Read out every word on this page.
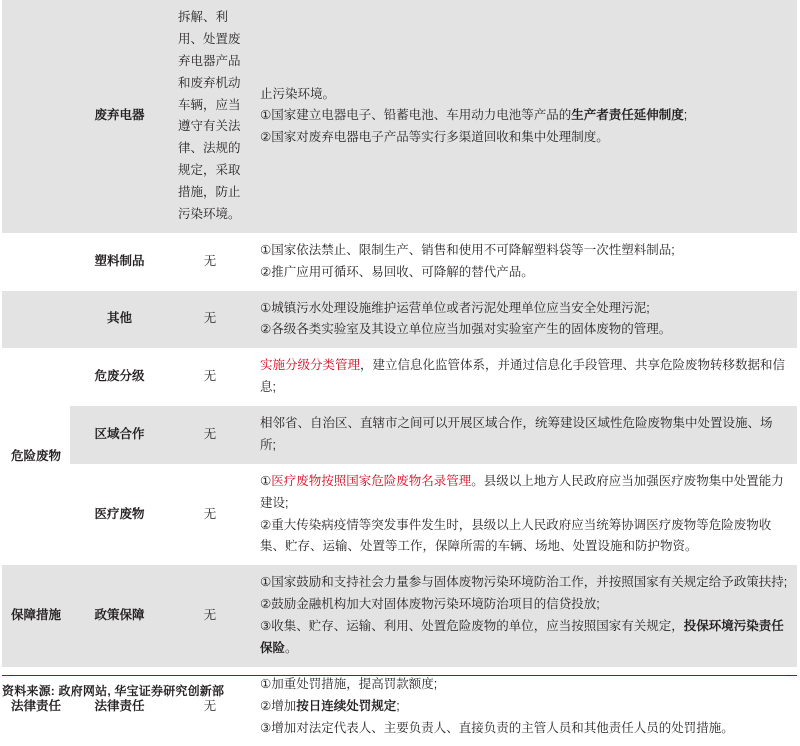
	废弃电器	拆解、利用、处置废弃电器产品和废弃机动车辆，应当遵守有关法律、法规的规定，采取措施，防止污染环境。	止污染环境。

①国家建立电器电子、铅蓄电池、车用动力电池等产品的生产者责任延伸制度;

②国家对废弃电器电子产品等实行多渠道回收和集中处理制度。

	塑料制品	无	①国家依法禁止、限制生产、销售和使用不可降解塑料袋等一次性塑料制品;

②推广应用可循环、易回收、可降解的替代产品。

	其他	无	①城镇污水处理设施维护运营单位或者污泥处理单位应当安全处理污泥;

②各级各类实验室及其设立单位应当加强对实验室产生的固体废物的管理。

危险废物	危废分级	无	实施分级分类管理，建立信息化监管体系，并通过信息化手段管理、共享危险废物转移数据和信息;

	区域合作	无	相邻省、自治区、直辖市之间可以开展区域合作，统筹建设区域性危险废物集中处置设施、场所;

	医疗废物	无	①医疗废物按照国家危险废物名录管理。县级以上地方人民政府应当加强医疗废物集中处置能力建设;

②重大传染病疫情等突发事件发生时，县级以上人民政府应当统筹协调医疗废物等危险废物收集、贮存、运输、处置等工作，保障所需的车辆、场地、处置设施和防护物资。

保障措施	政策保障	无	①国家鼓励和支持社会力量参与固体废物污染环境防治工作，并按照国家有关规定给予政策扶持;

②鼓励金融机构加大对固体废物污染环境防治项目的信贷投放;

③收集、贮存、运输、利用、处置危险废物的单位，应当按照国家有关规定，投保环境污染责任保险。

法律责任	法律责任	无	①加重处罚措施，提高罚款额度;

②增加按日连续处罚规定;

③增加对法定代表人、主要负责人、直接负责的主管人员和其他责任人员的处罚措施。

资料来源: 政府网站, 华宝证券研究创新部
